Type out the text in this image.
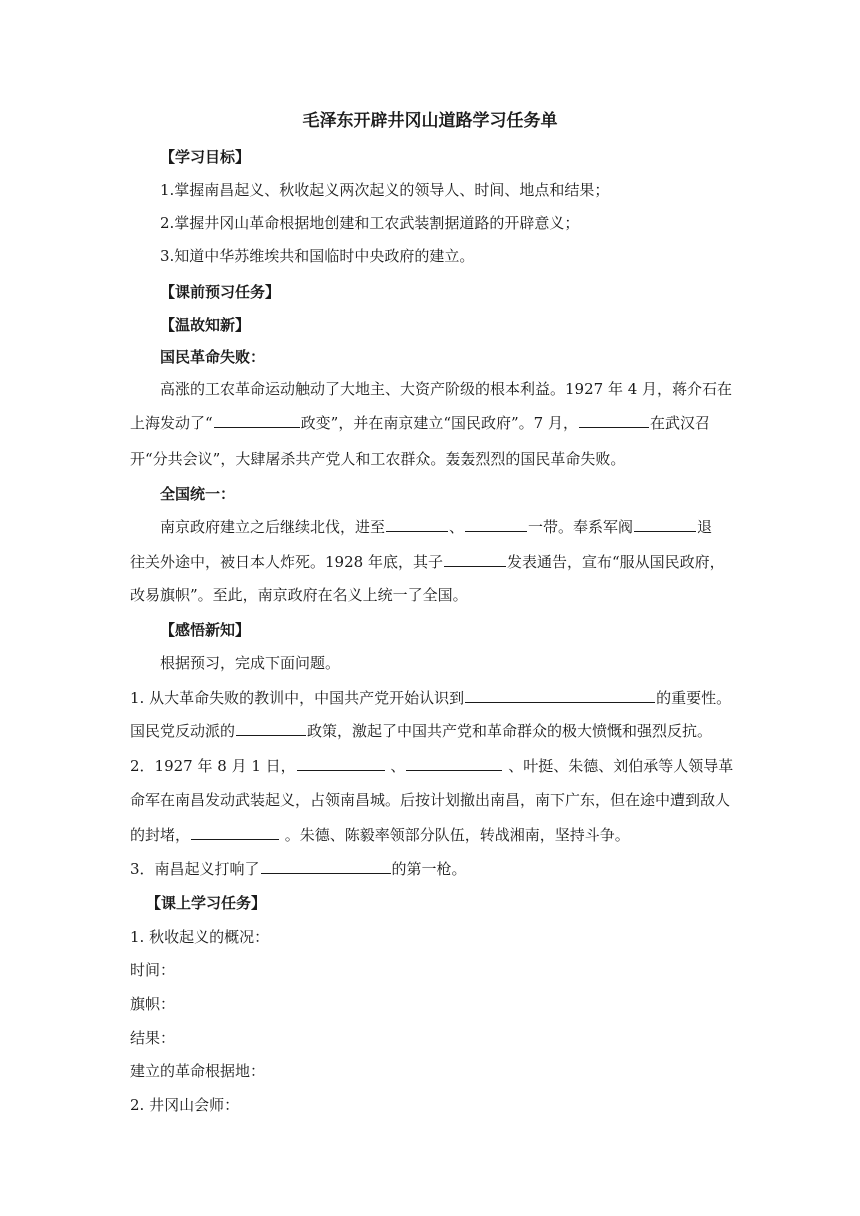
毛泽东开辟井冈山道路学习任务单
【学习目标】
1.掌握南昌起义、秋收起义两次起义的领导人、时间、地点和结果；
2.掌握井冈山革命根据地创建和工农武装割据道路的开辟意义；
3.知道中华苏维埃共和国临时中央政府的建立。
【课前预习任务】
【温故知新】
国民革命失败：
高涨的工农革命运动触动了大地主、大资产阶级的根本利益。1927 年 4 月，蒋介石在
上海发动了“	政变”，并在南京建立“国民政府”。7 月，	在武汉召
开“分共会议”，大肆屠杀共产党人和工农群众。轰轰烈烈的国民革命失败。
全国统一：
南京政府建立之后继续北伐，进至	、	一带。奉系军阀	退
往关外途中，被日本人炸死。1928 年底，其子	发表通告，宣布“服从国民政府，
改易旗帜”。至此，南京政府在名义上统一了全国。
【感悟新知】
根据预习，完成下面问题。
1. 从大革命失败的教训中，中国共产党开始认识到	的重要性。
国民党反动派的	政策，激起了中国共产党和革命群众的极大愤慨和强烈反抗。
2．1927 年 8 月 1 日，	、	、叶挺、朱德、刘伯承等人领导革
命军在南昌发动武装起义，占领南昌城。后按计划撤出南昌，南下广东，但在途中遭到敌人
的封堵，	。朱德、陈毅率领部分队伍，转战湘南，坚持斗争。
3．南昌起义打响了	的第一枪。
【课上学习任务】
1. 秋收起义的概况：
时间：
旗帜：
结果：
建立的革命根据地：
2. 井冈山会师：
